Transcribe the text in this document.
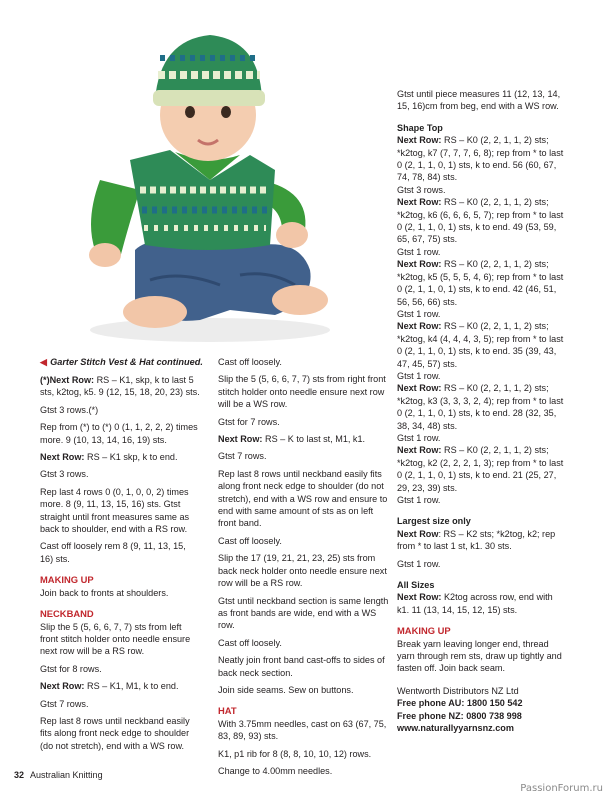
◀ Garter Stitch Vest & Hat continued.

(*)Next Row: RS – K1, skp, k to last 5 sts, k2tog, k5. 9 (12, 15, 18, 20, 23) sts.

Gtst 3 rows.(*)

Rep from (*) to (*) 0 (1, 1, 2, 2, 2) times more. 9 (10, 13, 14, 16, 19) sts.

Next Row: RS – K1 skp, k to end.

Gtst 3 rows.

Rep last 4 rows 0 (0, 1, 0, 0, 2) times more. 8 (9, 11, 13, 15, 16) sts. Gtst straight until front measures same as back to shoulder, end with a RS row.

Cast off loosely rem 8 (9, 11, 13, 15, 16) sts.

MAKING UP

Join back to fronts at shoulders.

NECKBAND

Slip the 5 (5, 6, 6, 7, 7) sts from left front stitch holder onto needle ensure next row will be a RS row.

Gtst for 8 rows.

Next Row: RS – K1, M1, k to end.

Gtst 7 rows.

Rep last 8 rows until neckband easily fits along front neck edge to shoulder (do not stretch), end with a WS row.

Cast off loosely.

Slip the 5 (5, 6, 6, 7, 7) sts from right front stitch holder onto needle ensure next row will be a WS row.

Gtst for 7 rows.

Next Row: RS – K to last st, M1, k1.

Gtst 7 rows.

Rep last 8 rows until neckband easily fits along front neck edge to shoulder (do not stretch), end with a WS row and ensure to end with same amount of sts as on left front band.

Cast off loosely.

Slip the 17 (19, 21, 21, 23, 25) sts from back neck holder onto needle ensure next row will be a RS row.

Gtst until neckband section is same length as front bands are wide, end with a WS row.

Cast off loosely.

Neatly join front band cast-offs to sides of back neck section.

Join side seams. Sew on buttons.

HAT

With 3.75mm needles, cast on 63 (67, 75, 83, 89, 93) sts.

K1, p1 rib for 8 (8, 8, 10, 10, 12) rows.

Change to 4.00mm needles.

Gtst until piece measures 11 (12, 13, 14, 15, 16)cm from beg, end with a WS row.

Shape Top

Next Row: RS – K0 (2, 2, 1, 1, 2) sts; *k2tog, k7 (7, 7, 7, 6, 8); rep from * to last 0 (2, 1, 1, 0, 1) sts, k to end. 56 (60, 67, 74, 78, 84) sts.

Gtst 3 rows.

Next Row: RS – K0 (2, 2, 1, 1, 2) sts; *k2tog, k6 (6, 6, 6, 5, 7); rep from * to last 0 (2, 1, 1, 0, 1) sts, k to end. 49 (53, 59, 65, 67, 75) sts.

Gtst 1 row.

Next Row: RS – K0 (2, 2, 1, 1, 2) sts; *k2tog, k5 (5, 5, 5, 4, 6); rep from * to last 0 (2, 1, 1, 0, 1) sts, k to end. 42 (46, 51, 56, 56, 66) sts.

Gtst 1 row.

Next Row: RS – K0 (2, 2, 1, 1, 2) sts; *k2tog, k4 (4, 4, 4, 3, 5); rep from * to last 0 (2, 1, 1, 0, 1) sts, k to end. 35 (39, 43, 47, 45, 57) sts.

Gtst 1 row.

Next Row: RS – K0 (2, 2, 1, 1, 2) sts; *k2tog, k3 (3, 3, 3, 2, 4); rep from * to last 0 (2, 1, 1, 0, 1) sts, k to end. 28 (32, 35, 38, 34, 48) sts.

Gtst 1 row.

Next Row: RS – K0 (2, 2, 1, 1, 2) sts; *k2tog, k2 (2, 2, 2, 1, 3); rep from * to last 0 (2, 1, 1, 0, 1) sts, k to end. 21 (25, 27, 29, 23, 39) sts.

Gtst 1 row.

Largest size only

Next Row: RS – K2 sts; *k2tog, k2; rep from * to last 1 st, k1. 30 sts.

Gtst 1 row.

All Sizes

Next Row: K2tog across row, end with k1. 11 (13, 14, 15, 12, 15) sts.

MAKING UP

Break yarn leaving longer end, thread yarn through rem sts, draw up tightly and fasten off. Join back seam.

Wentworth Distributors NZ Ltd
Free phone AU: 1800 150 542
Free phone NZ: 0800 738 998
www.naturallyyarnsnz.com
32 Australian Knitting
PassionForum.ru
